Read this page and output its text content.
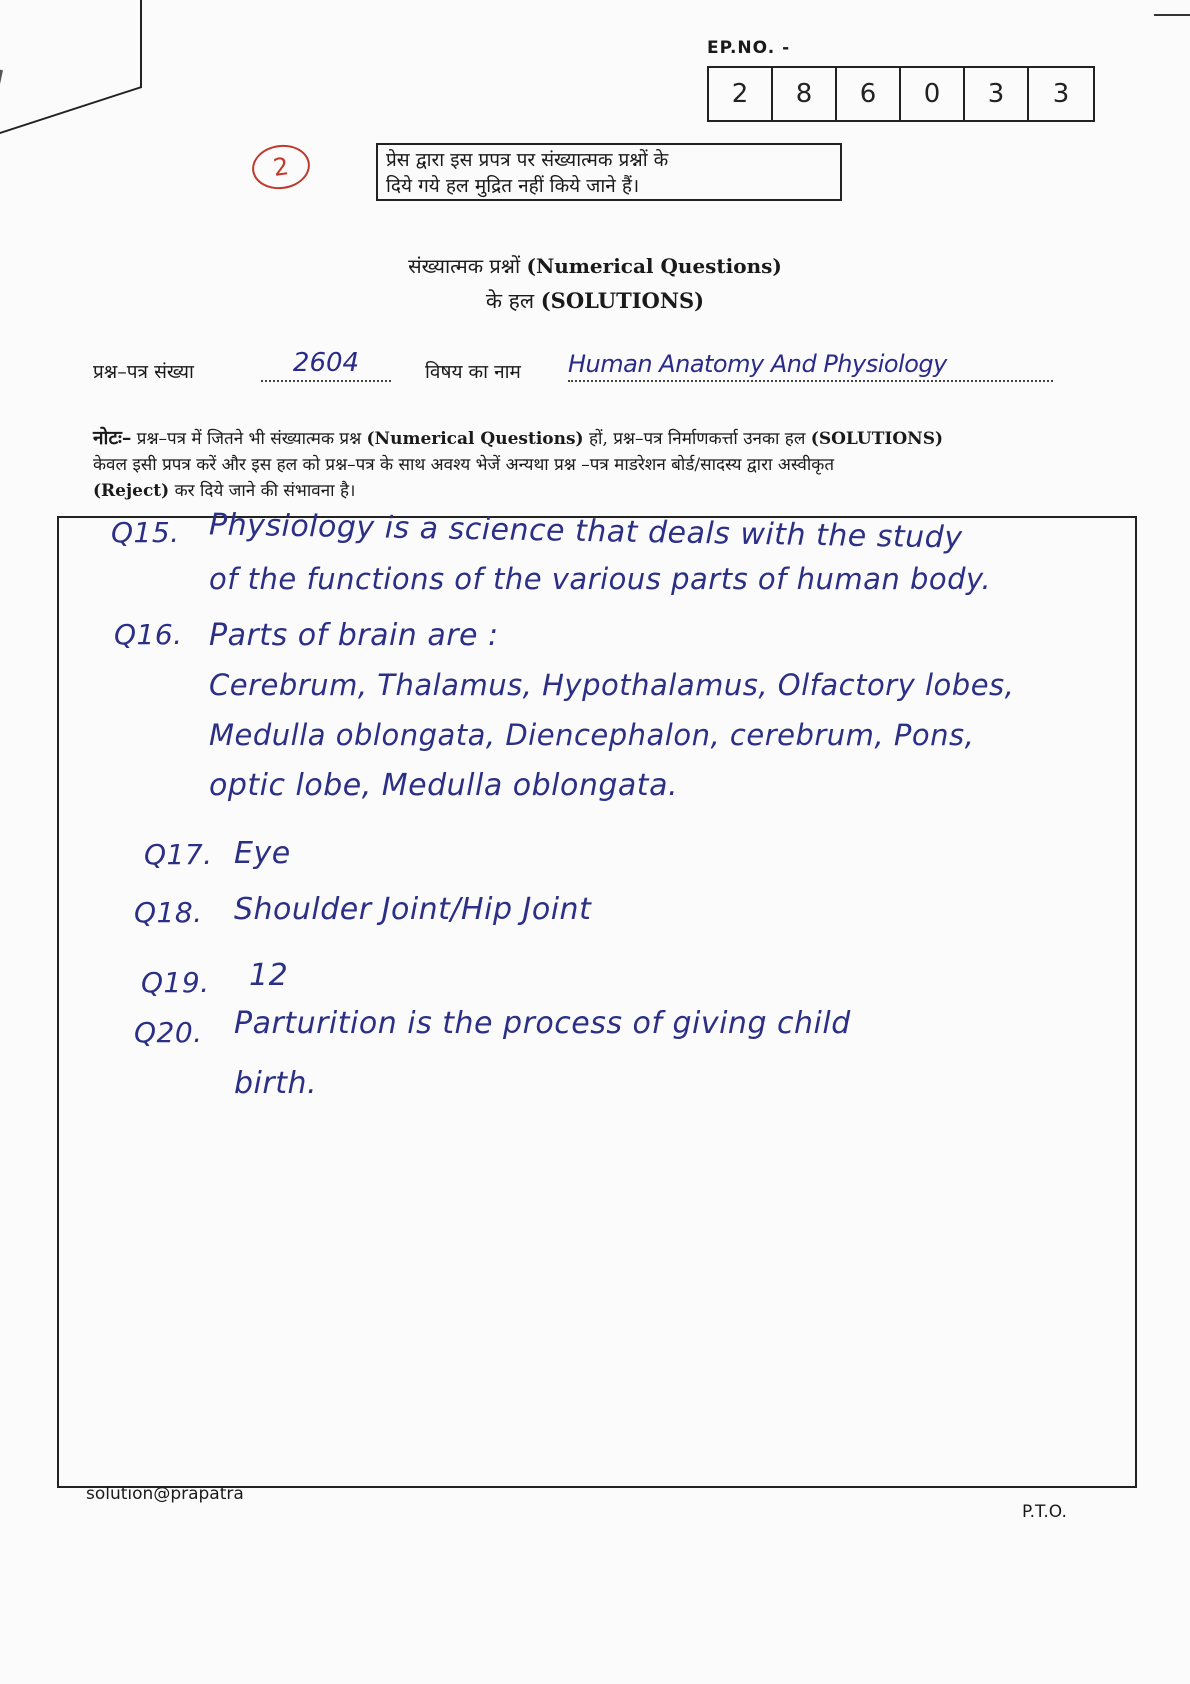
EP.NO. -
2	8	6	0	3	3
2	प्रेस द्वारा इस प्रपत्र पर संख्यात्मक प्रश्नों के
दिये गये हल मुद्रित नहीं किये जाने हैं।
संख्यात्मक प्रश्नों (Numerical Questions)
के हल (SOLUTIONS)
प्रश्न–पत्र संख्या	2604	विषय का नाम Human Anatomy And Physiology
नोटः– प्रश्न–पत्र में जितने भी संख्यात्मक प्रश्न (Numerical Questions) हों, प्रश्न–पत्र निर्माणकर्त्ता उनका हल (SOLUTIONS)
केवल इसी प्रपत्र करें और इस हल को प्रश्न–पत्र के साथ अवश्य भेजें अन्यथा प्रश्न –पत्र माडरेशन बोर्ड/सादस्य द्वारा अस्वीकृत
(Reject) कर दिये जाने की संभावना है।
Q15. Physiology is a science that deals with the study
of the functions of the various parts of human body.
Q16. Parts of brain are :
Cerebrum, Thalamus, Hypothalamus, Olfactory lobes,
Medulla oblongata, Diencephalon, cerebrum, Pons,
optic lobe, Medulla oblongata.
Q17. Eye
Q18. Shoulder Joint/Hip Joint
Q19. 12
Q20. Parturition is the process of giving child
birth.
solution@prapatra
P.T.O.
